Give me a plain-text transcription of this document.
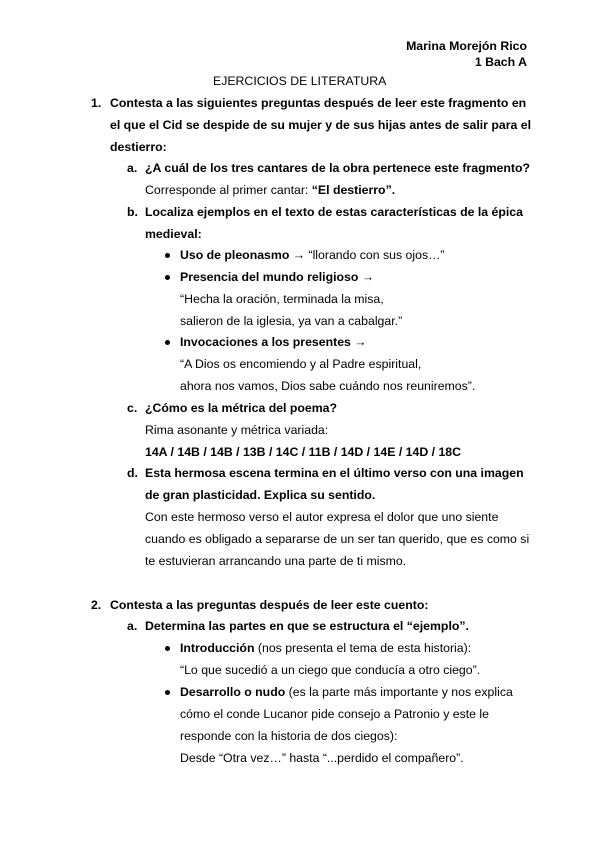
Marina Morejón Rico
1 Bach A
EJERCICIOS DE LITERATURA
1. Contesta a las siguientes preguntas después de leer este fragmento en
el que el Cid se despide de su mujer y de sus hijas antes de salir para el
destierro:
a. ¿A cuál de los tres cantares de la obra pertenece este fragmento?
Corresponde al primer cantar: “El destierro”.
b. Localiza ejemplos en el texto de estas características de la épica
medieval:
Uso de pleonasmo → “llorando con sus ojos…”
Presencia del mundo religioso →
“Hecha la oración, terminada la misa,
salieron de la iglesia, ya van a cabalgar.”
Invocaciones a los presentes →
“A Dios os encomiendo y al Padre espiritual,
ahora nos vamos, Dios sabe cuándo nos reuniremos”.
c. ¿Cómo es la métrica del poema?
Rima asonante y métrica variada:
14A / 14B / 14B / 13B / 14C / 11B / 14D / 14E / 14D / 18C
d. Esta hermosa escena termina en el último verso con una imagen
de gran plasticidad. Explica su sentido.
Con este hermoso verso el autor expresa el dolor que uno siente
cuando es obligado a separarse de un ser tan querido, que es como si
te estuvieran arrancando una parte de ti mismo.
2. Contesta a las preguntas después de leer este cuento:
a. Determina las partes en que se estructura el “ejemplo”.
Introducción (nos presenta el tema de esta historia):
“Lo que sucedió a un ciego que conducía a otro ciego”.
Desarrollo o nudo (es la parte más importante y nos explica
cómo el conde Lucanor pide consejo a Patronio y este le
responde con la historia de dos ciegos):
Desde “Otra vez…” hasta “...perdido el compañero”.
